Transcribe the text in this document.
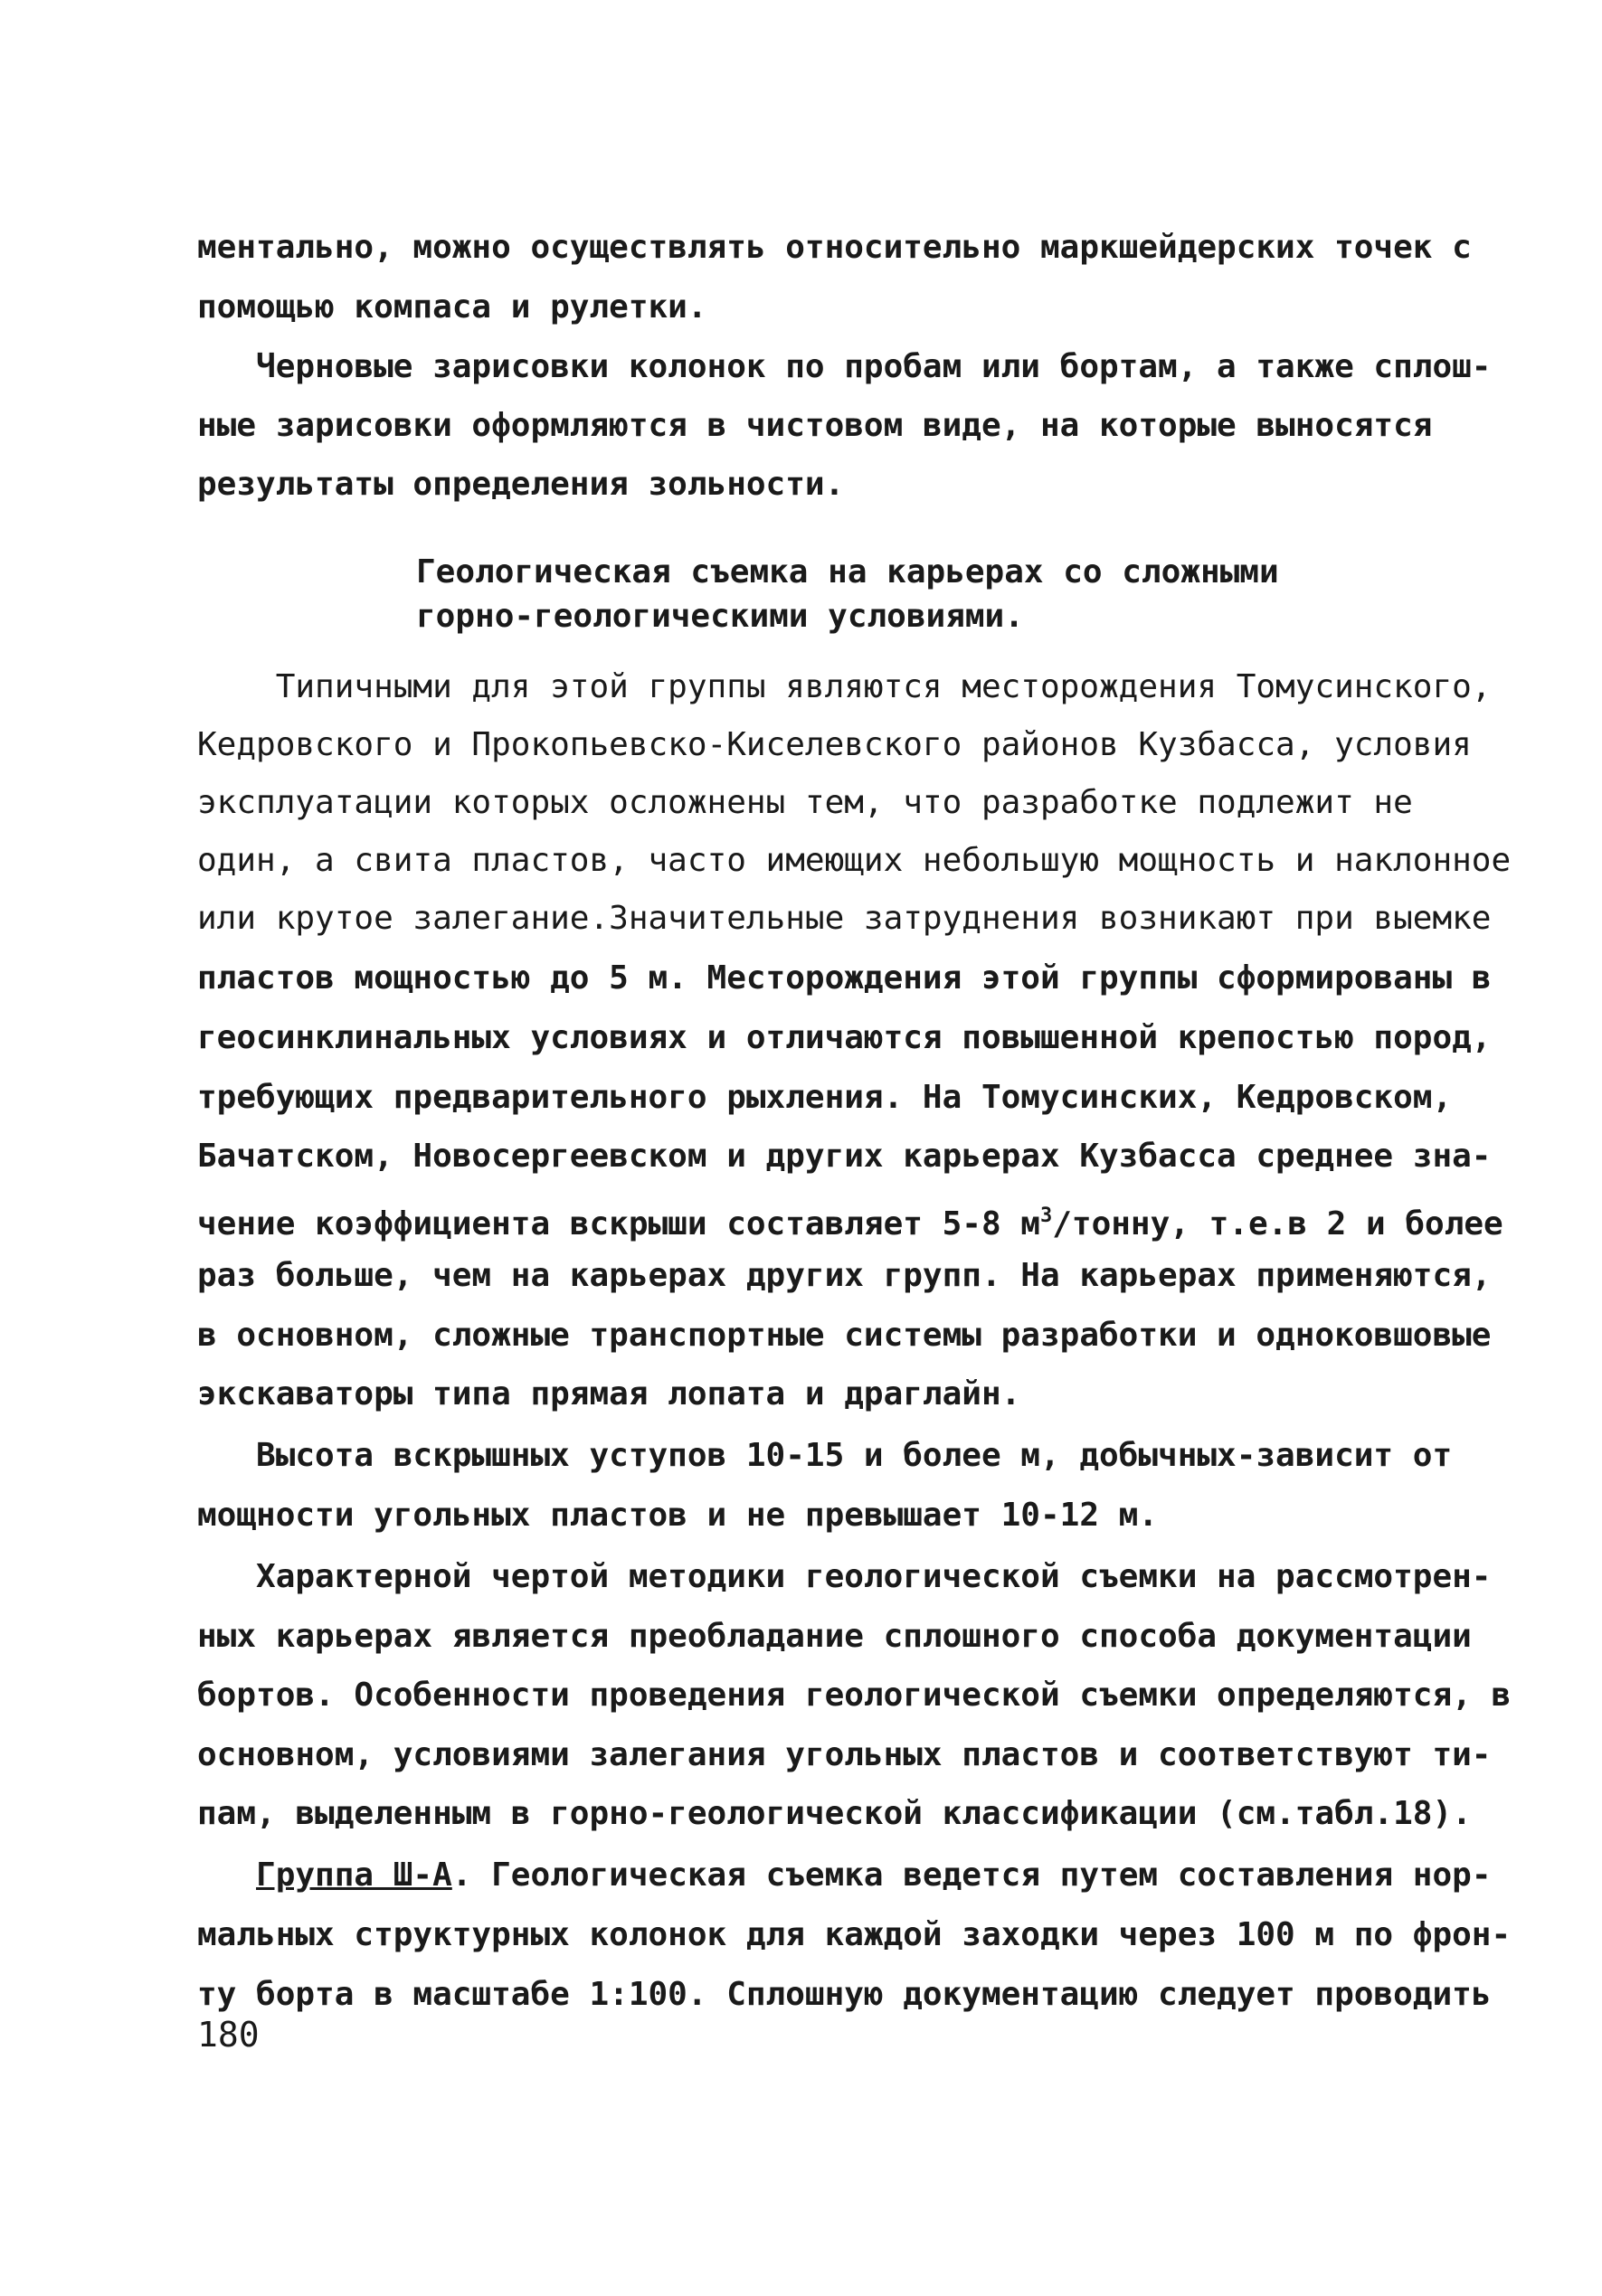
ментально, можно осуществлять относительно маркшейдерских точек с
помощью компаса и рулетки.
Черновые зарисовки колонок по пробам или бортам, а также сплош-
ные зарисовки оформляются в чистовом виде, на которые выносятся
результаты определения зольности.
Геологическая съемка на карьерах со сложными
горно-геологическими условиями.
Типичными для этой группы являются месторождения Томусинского,
Кедровского и Прокопьевско-Киселевского районов Кузбасса, условия
эксплуатации которых осложнены тем, что разработке подлежит не
один, а свита пластов, часто имеющих небольшую мощность и наклонное
или крутое залегание.Значительные затруднения возникают при выемке
пластов мощностью до 5 м. Месторождения этой группы сформированы в
геосинклинальных условиях и отличаются повышенной крепостью пород,
требующих предварительного рыхления. На Томусинских, Кедровском,
Бачатском, Новосергеевском и других карьерах Кузбасса среднее зна-
чение коэффициента вскрыши составляет 5-8 $м^3$/тонну, т.е.в 2 и более
раз больше, чем на карьерах других групп. На карьерах применяются,
в основном, сложные транспортные системы разработки и одноковшовые
экскаваторы типа прямая лопата и драглайн.
Высота вскрышных уступов 10-15 и более м, добычных-зависит от
мощности угольных пластов и не превышает 10-12 м.
Характерной чертой методики геологической съемки на рассмотрен-
ных карьерах является преобладание сплошного способа документации
бортов. Особенности проведения геологической съемки определяются, в
основном, условиями залегания угольных пластов и соответствуют ти-
пам, выделенным в горно-геологической классификации (см.табл.18).
Группа Ш-А. Геологическая съемка ведется путем составления нор-
мальных структурных колонок для каждой заходки через 100 м по фрон-
ту борта в масштабе 1:100. Сплошную документацию следует проводить
180
